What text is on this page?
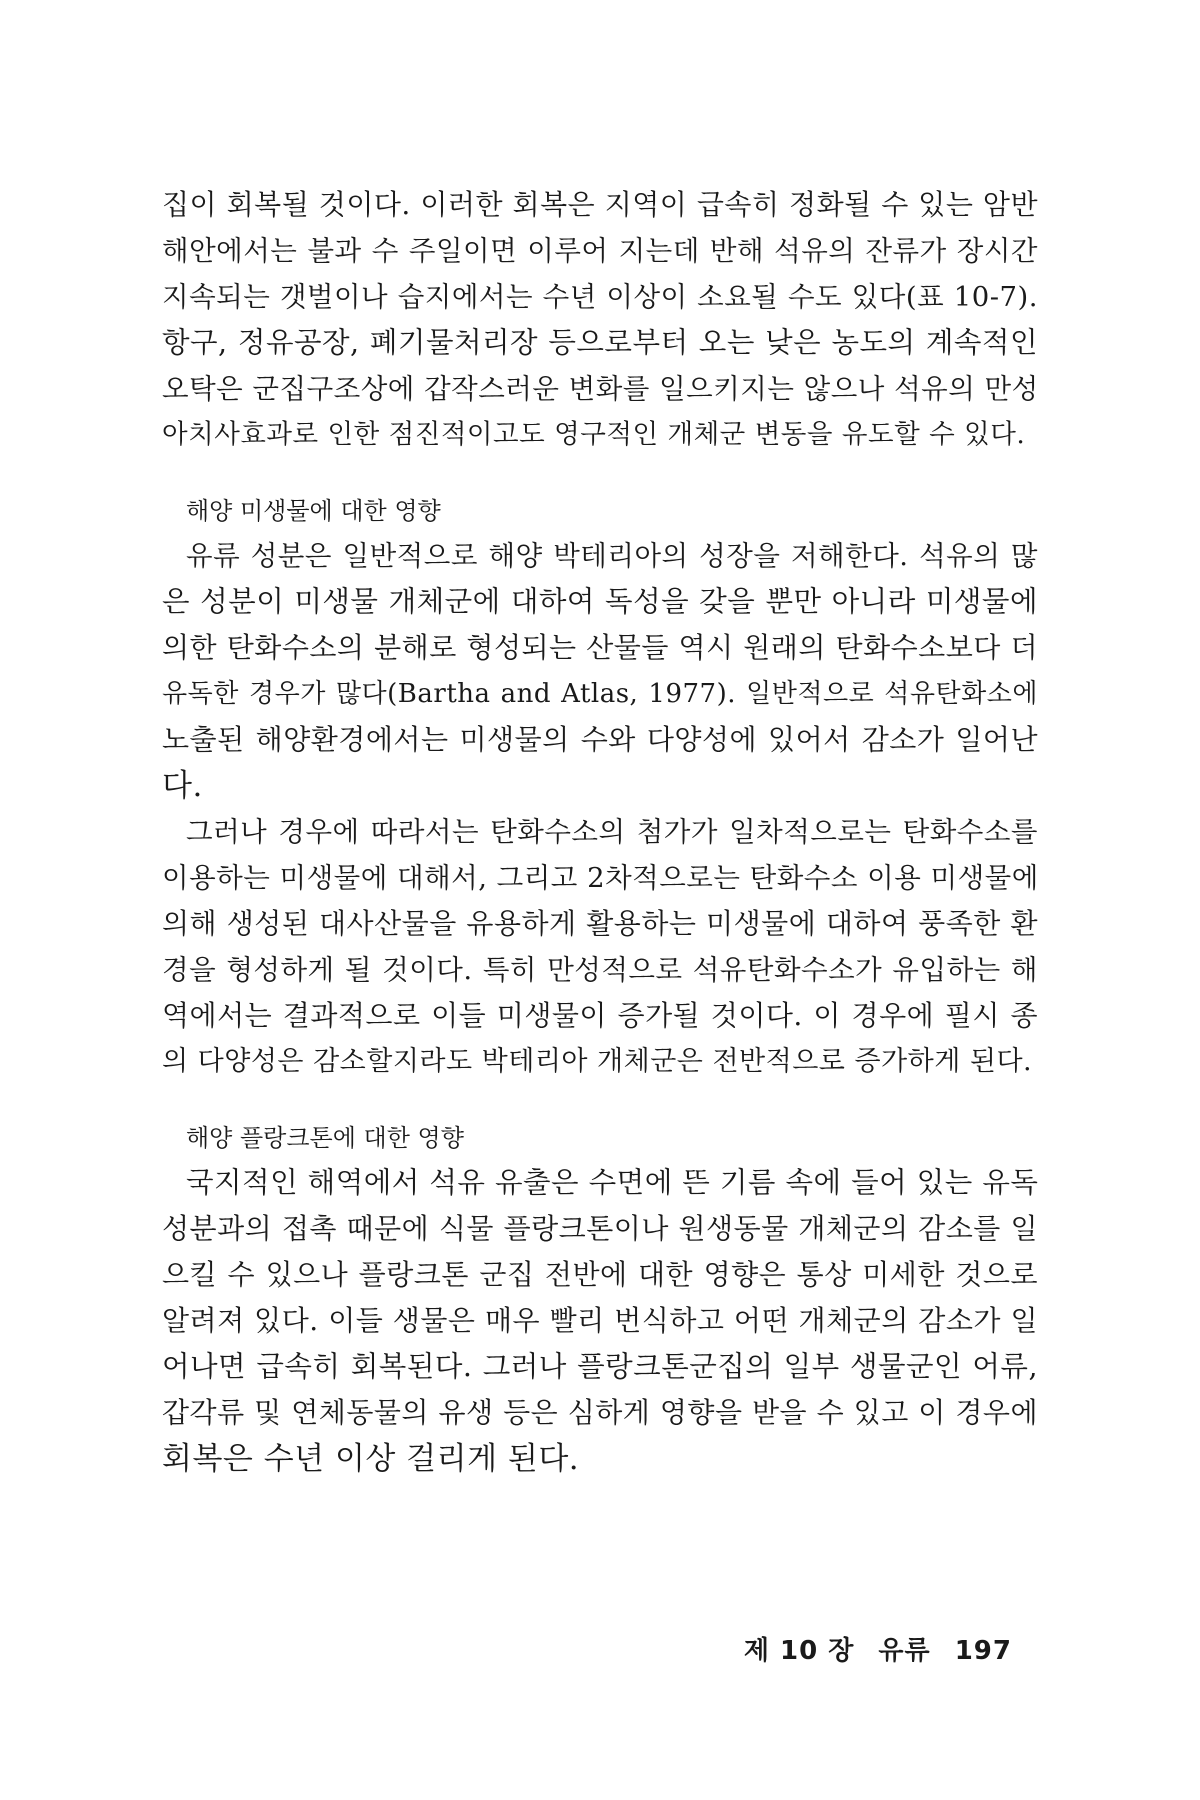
집이 회복될 것이다. 이러한 회복은 지역이 급속히 정화될 수 있는 암반
해안에서는 불과 수 주일이면 이루어 지는데 반해 석유의 잔류가 장시간
지속되는 갯벌이나 습지에서는 수년 이상이 소요될 수도 있다(표 10-7).
항구, 정유공장, 폐기물처리장 등으로부터 오는 낮은 농도의 계속적인
오탁은 군집구조상에 갑작스러운 변화를 일으키지는 않으나 석유의 만성
아치사효과로 인한 점진적이고도 영구적인 개체군 변동을 유도할 수 있다.
해양 미생물에 대한 영향
유류 성분은 일반적으로 해양 박테리아의 성장을 저해한다. 석유의 많
은 성분이 미생물 개체군에 대하여 독성을 갖을 뿐만 아니라 미생물에
의한 탄화수소의 분해로 형성되는 산물들 역시 원래의 탄화수소보다 더
유독한 경우가 많다(Bartha and Atlas, 1977). 일반적으로 석유탄화소에
노출된 해양환경에서는 미생물의 수와 다양성에 있어서 감소가 일어난
다.
그러나 경우에 따라서는 탄화수소의 첨가가 일차적으로는 탄화수소를
이용하는 미생물에 대해서, 그리고 2차적으로는 탄화수소 이용 미생물에
의해 생성된 대사산물을 유용하게 활용하는 미생물에 대하여 풍족한 환
경을 형성하게 될 것이다. 특히 만성적으로 석유탄화수소가 유입하는 해
역에서는 결과적으로 이들 미생물이 증가될 것이다. 이 경우에 필시 종
의 다양성은 감소할지라도 박테리아 개체군은 전반적으로 증가하게 된다.
해양 플랑크톤에 대한 영향
국지적인 해역에서 석유 유출은 수면에 뜬 기름 속에 들어 있는 유독
성분과의 접촉 때문에 식물 플랑크톤이나 원생동물 개체군의 감소를 일
으킬 수 있으나 플랑크톤 군집 전반에 대한 영향은 통상 미세한 것으로
알려져 있다. 이들 생물은 매우 빨리 번식하고 어떤 개체군의 감소가 일
어나면 급속히 회복된다. 그러나 플랑크톤군집의 일부 생물군인 어류,
갑각류 및 연체동물의 유생 등은 심하게 영향을 받을 수 있고 이 경우에
회복은 수년 이상 걸리게 된다.
제 10 장 유류 197
